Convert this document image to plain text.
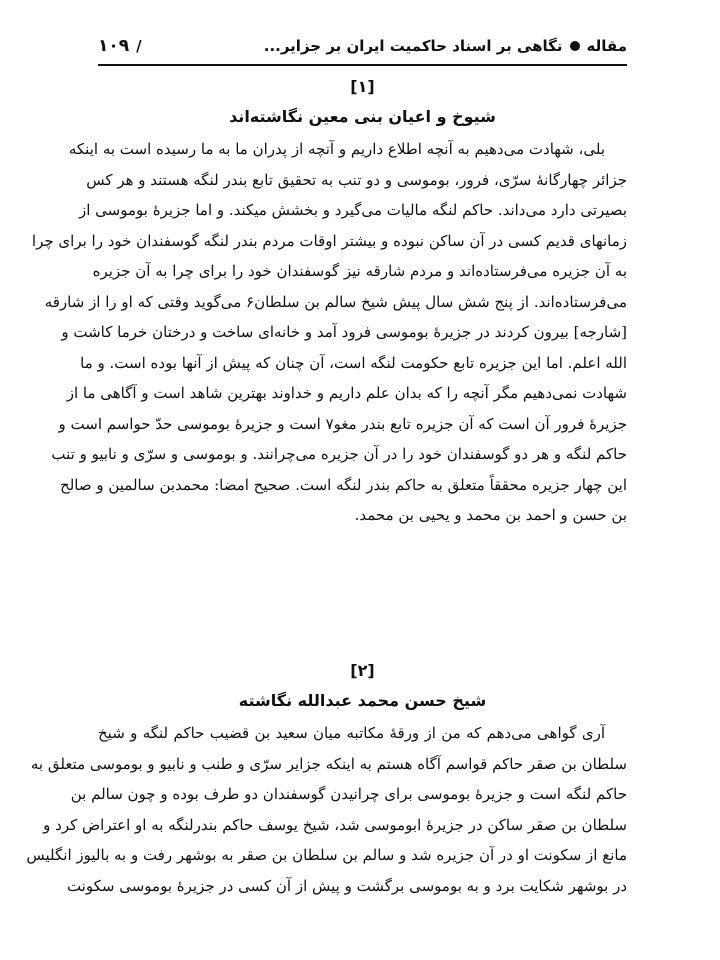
مقاله
نگاهی بر اسناد حاکمیت ایران بر جزایر...
/
۱۰۹
[۱]
شیوخ و اعیان بنی معین نگاشته‌اند
بلی، شهادت می‌دهیم به آنچه اطلاع داریم و آنچه از پدران ما به ما رسیده است به اینکه
جزائر چهارگانهٔ سرّی، فرور، بوموسی و دو تنب به تحقیق تابع بندر لنگه هستند و هر کس
بصیرتی دارد می‌داند. حاکم لنگه مالیات می‌گیرد و بخشش میکند. و اما جزیرهٔ بوموسی از
زمانهای قدیم کسی در آن ساکن نبوده و بیشتر اوقات مردم بندر لنگه گوسفندان خود را برای چرا
به آن جزیره می‌فرستاده‌اند و مردم شارقه نیز گوسفندان خود را برای چرا به آن جزیره
می‌فرستاده‌اند. از پنج شش سال پیش شیخ سالم بن سلطان۶ می‌گوید وقتی که او را از شارقه
[شارجه] بیرون کردند در جزیرهٔ بوموسی فرود آمد و خانه‌ای ساخت و درختان خرما کاشت و
الله اعلم. اما این جزیره تابع حکومت لنگه است، آن چنان که پیش از آنها بوده است. و ما
شهادت نمی‌دهیم مگر آنچه را که بدان علم داریم و خداوند بهترین شاهد است و آگاهی ما از
جزیرهٔ فرور آن است که آن جزیره تابع بندر مغو۷ است و جزیرهٔ بوموسی حدّ حواسم است و
حاکم لنگه و هر دو گوسفندان خود را در آن جزیره می‌چرانند. و بوموسی و سرّی و نابیو و تنب
این چهار جزیره محققاً متعلق به حاکم بندر لنگه است. صحیح امضا: محمدبن سالمین و صالح
بن حسن و احمد بن محمد و یحیی بن محمد.
[۲]
شیخ حسن محمد عبدالله نگاشته
آری گواهی می‌دهم که من از ورقهٔ مکاتبه میان سعید بن قضیب حاکم لنگه و شیخ
سلطان بن صقر حاکم قواسم آگاه هستم به اینکه جزایر سرّی و طنب و نابیو و بوموسی متعلق به
حاکم لنگه است و جزیرهٔ بوموسی برای چرانیدن گوسفندان دو طرف بوده و چون سالم بن
سلطان بن صقر ساکن در جزیرهٔ ابوموسی شد، شیخ یوسف حاکم بندرلنگه به او اعتراض کرد و
مانع از سکونت او در آن جزیره شد و سالم بن سلطان بن صقر به بوشهر رفت و به بالیوز انگلیس
در بوشهر شکایت برد و به بوموسی برگشت و پیش از آن کسی در جزیرهٔ بوموسی سکونت
